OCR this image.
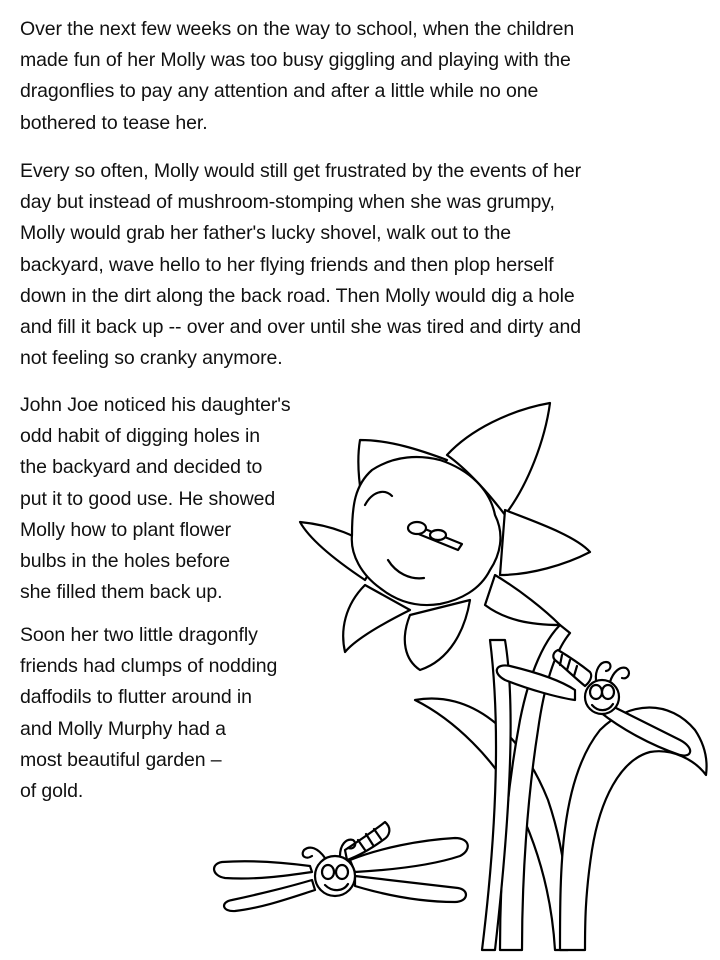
Over the next few weeks on the way to school, when the children
made fun of her Molly was too busy giggling and playing with the
dragonflies to pay any attention and after a little while no one
bothered to tease her.

Every so often, Molly would still get frustrated by the events of her
day but instead of mushroom-stomping when she was grumpy,
Molly would grab her father's lucky shovel, walk out to the
backyard, wave hello to her flying friends and then plop herself
down in the dirt along the back road. Then Molly would dig a hole
and fill it back up -- over and over until she was tired and dirty and
not feeling so cranky anymore.

John Joe noticed his daughter's
odd habit of digging holes in
the backyard and decided to
put it to good use. He showed
Molly how to plant flower
bulbs in the holes before
she filled them back up.

Soon her two little dragonfly
friends had clumps of nodding
daffodils to flutter around in
and Molly Murphy had a
most beautiful garden –
of gold.
